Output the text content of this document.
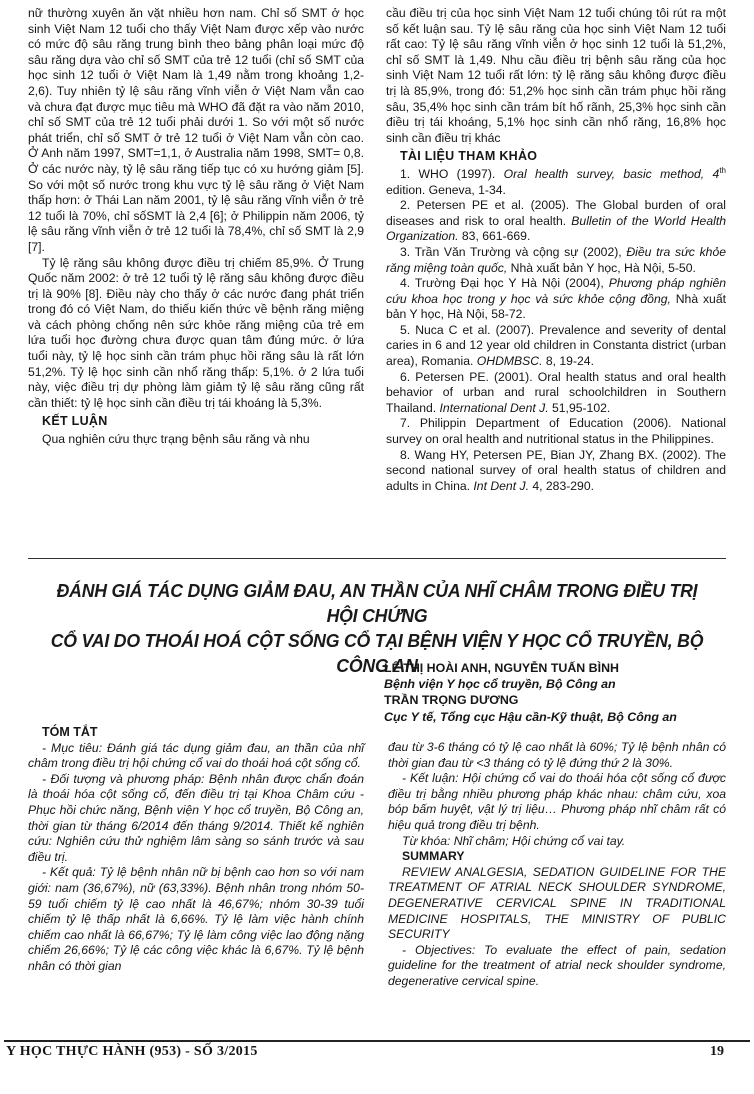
nữ thường xuyên ăn vặt nhiều hơn nam. Chỉ số SMT ở học sinh Việt Nam 12 tuổi cho thấy Việt Nam được xếp vào nước có mức độ sâu răng trung bình theo bảng phân loại mức độ sâu răng dựa vào chỉ số SMT của trẻ 12 tuổi (chỉ số SMT của học sinh 12 tuổi ở Việt Nam là 1,49 nằm trong khoảng 1,2-2,6). Tuy nhiên tỷ lệ sâu răng vĩnh viễn ở Việt Nam vẫn cao và chưa đạt được mục tiêu mà WHO đã đặt ra vào năm 2010, chỉ số SMT của trẻ 12 tuổi phải dưới 1. So với một số nước phát triển, chỉ số SMT ở trẻ 12 tuổi ở Việt Nam vẫn còn cao. Ở Anh năm 1997, SMT=1,1, ở Australia năm 1998, SMT= 0,8. Ở các nước này, tỷ lệ sâu răng tiếp tục có xu hướng giảm [5]. So với một số nước trong khu vực tỷ lệ sâu răng ở Việt Nam thấp hơn: ở Thái Lan năm 2001, tỷ lệ sâu răng vĩnh viễn ở trẻ 12 tuổi là 70%, chỉ sốSMT là 2,4 [6]; ở Philippin năm 2006, tỷ lệ sâu răng vĩnh viễn ở trẻ 12 tuổi là 78,4%, chỉ số SMT là 2,9 [7].

Tỷ lệ răng sâu không được điều trị chiếm 85,9%. Ở Trung Quốc năm 2002: ở trẻ 12 tuổi tỷ lệ răng sâu không được điều trị là 90% [8]. Điều này cho thấy ở các nước đang phát triển trong đó có Việt Nam, do thiếu kiến thức về bệnh răng miệng và cách phòng chống nên sức khỏe răng miệng của trẻ em lứa tuổi học đường chưa được quan tâm đúng mức. ở lứa tuổi này, tỷ lệ học sinh cần trám phục hồi răng sâu là rất lớn 51,2%. Tỷ lệ học sinh cần nhổ răng thấp: 5,1%. ở 2 lứa tuổi này, việc điều trị dự phòng làm giảm tỷ lệ sâu răng cũng rất cần thiết: tỷ lệ học sinh cần điều trị tái khoáng là 5,3%.

KẾT LUẬN

Qua nghiên cứu thực trạng bệnh sâu răng và nhu

cầu điều trị của học sinh Việt Nam 12 tuổi chúng tôi rút ra một số kết luận sau. Tỷ lệ sâu răng của học sinh Việt Nam 12 tuổi rất cao: Tỷ lệ sâu răng vĩnh viễn ở học sinh 12 tuổi là 51,2%, chỉ số SMT là 1,49. Nhu cầu điều trị bệnh sâu răng của học sinh Việt Nam 12 tuổi rất lớn: tỷ lệ răng sâu không được điều trị là 85,9%, trong đó: 51,2% học sinh cần trám phục hồi răng sâu, 35,4% học sinh cần trám bít hố rãnh, 25,3% học sinh cần điều trị tái khoáng, 5,1% học sinh cần nhổ răng, 16,8% học sinh cần điều trị khác

TÀI LIỆU THAM KHẢO

1. WHO (1997). Oral health survey, basic method, 4th edition. Geneva, 1-34.

2. Petersen PE et al. (2005). The Global burden of oral diseases and risk to oral health. Bulletin of the World Health Organization. 83, 661-669.

3. Trần Văn Trường và cộng sự (2002), Điều tra sức khỏe răng miệng toàn quốc, Nhà xuất bản Y học, Hà Nội, 5-50.

4. Trường Đại học Y Hà Nội (2004), Phương pháp nghiên cứu khoa học trong y học và sức khỏe cộng đồng, Nhà xuất bản Y học, Hà Nội, 58-72.

5. Nuca C et al. (2007). Prevalence and severity of dental caries in 6 and 12 year old children in Constanta district (urban area), Romania. OHDMBSC. 8, 19-24.

6. Petersen PE. (2001). Oral health status and oral health behavior of urban and rural schoolchildren in Southern Thailand. International Dent J. 51,95-102.

7. Philippin Department of Education (2006). National survey on oral health and nutritional status in the Philippines.

8. Wang HY, Petersen PE, Bian JY, Zhang BX. (2002). The second national survey of oral health status of children and adults in China. Int Dent J. 4, 283-290.

ĐÁNH GIÁ TÁC DỤNG GIẢM ĐAU, AN THẦN CỦA NHĨ CHÂM TRONG ĐIỀU TRỊ HỘI CHỨNG
CỔ VAI DO THOÁI HOÁ CỘT SỐNG CỔ TẠI BỆNH VIỆN Y HỌC CỔ TRUYỀN, BỘ CÔNG AN
LÊ THỊ HOÀI ANH, NGUYỄN TUẤN BÌNH
Bệnh viện Y học cổ truyền, Bộ Công an
TRẦN TRỌNG DƯƠNG
Cục Y tế, Tổng cục Hậu cần-Kỹ thuật, Bộ Công an
TÓM TẮT

- Mục tiêu: Đánh giá tác dụng giảm đau, an thần của nhĩ châm trong điều trị hội chứng cổ vai do thoái hoá cột sống cổ.

- Đối tượng và phương pháp: Bệnh nhân được chẩn đoán là thoái hóa cột sống cổ, đến điều trị tại Khoa Châm cứu - Phục hồi chức năng, Bệnh viện Y học cổ truyền, Bộ Công an, thời gian từ tháng 6/2014 đến tháng 9/2014. Thiết kế nghiên cứu: Nghiên cứu thử nghiệm lâm sàng so sánh trước và sau điều trị.

- Kết quả: Tỷ lệ bệnh nhân nữ bị bệnh cao hơn so với nam giới: nam (36,67%), nữ (63,33%). Bệnh nhân trong nhóm 50-59 tuổi chiếm tỷ lệ cao nhất là 46,67%; nhóm 30-39 tuổi chiếm tỷ lệ thấp nhất là 6,66%. Tỷ lệ làm việc hành chính chiếm cao nhất là 66,67%; Tỷ lệ làm công việc lao động nặng chiếm 26,66%; Tỷ lệ các công việc khác là 6,67%. Tỷ lệ bệnh nhân có thời gian

đau từ 3-6 tháng có tỷ lệ cao nhất là 60%; Tỷ lệ bệnh nhân có thời gian đau từ <3 tháng có tỷ lệ đứng thứ 2 là 30%.

- Kết luận: Hội chứng cổ vai do thoái hóa cột sống cổ được điều trị bằng nhiều phương pháp khác nhau: châm cứu, xoa bóp bấm huyệt, vật lý trị liệu… Phương pháp nhĩ châm rất có hiệu quả trong điều trị bệnh.

Từ khóa: Nhĩ châm; Hội chứng cổ vai tay.

SUMMARY

REVIEW ANALGESIA, SEDATION GUIDELINE FOR THE TREATMENT OF ATRIAL NECK SHOULDER SYNDROME, DEGENERATIVE CERVICAL SPINE IN TRADITIONAL MEDICINE HOSPITALS, THE MINISTRY OF PUBLIC SECURITY

- Objectives: To evaluate the effect of pain, sedation guideline for the treatment of atrial neck shoulder syndrome, degenerative cervical spine.

Y HỌC THỰC HÀNH (953) - SỐ 3/2015	19
